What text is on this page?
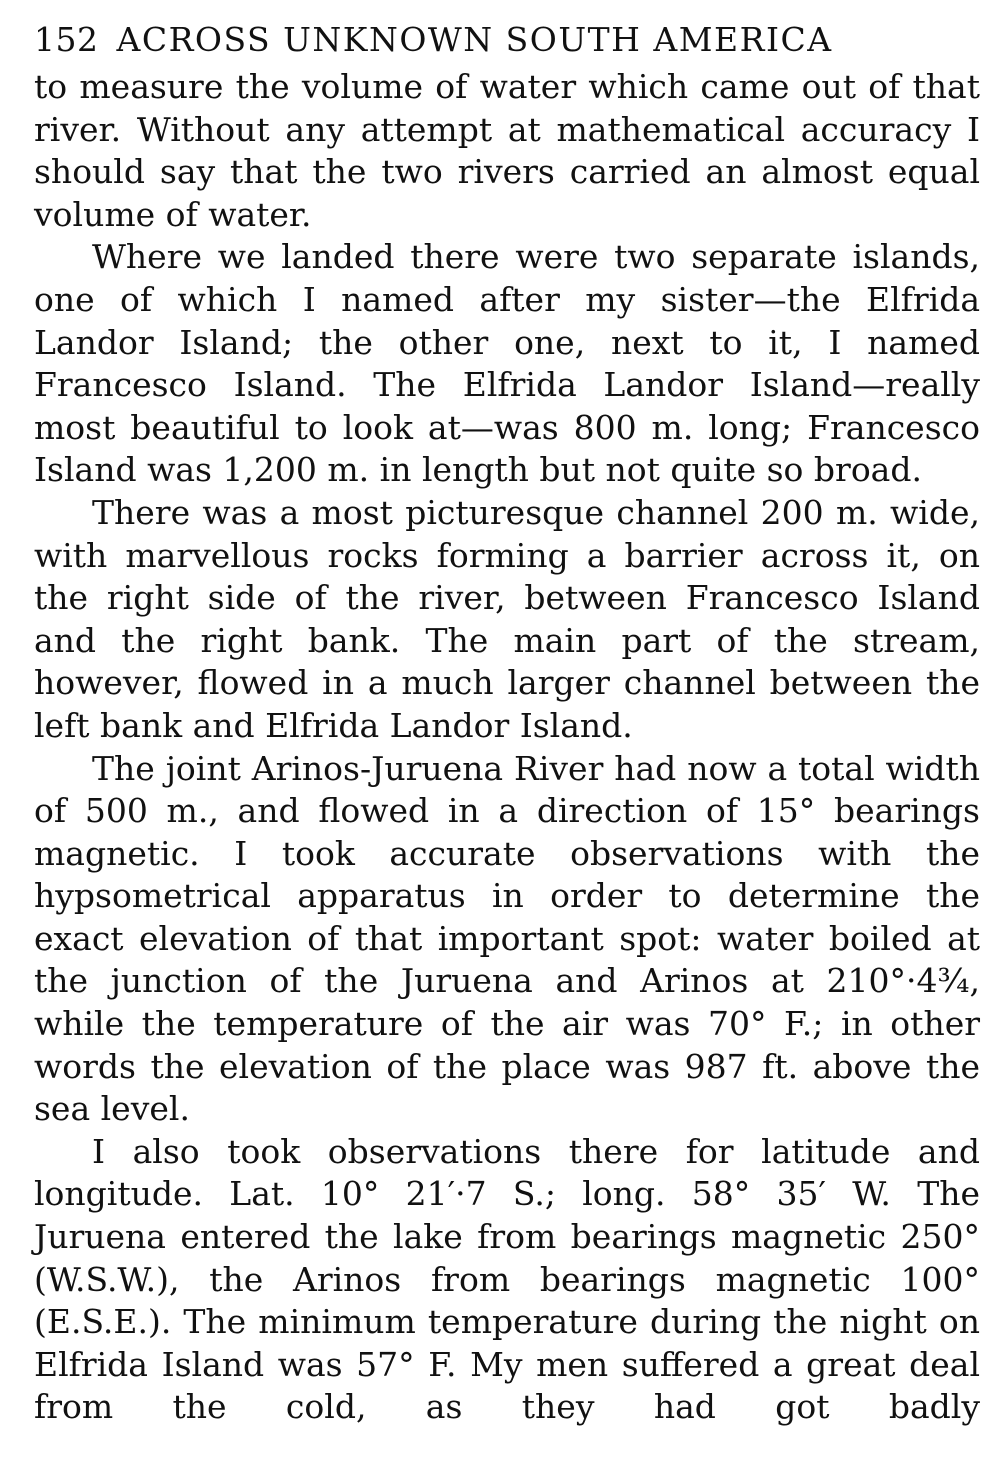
152 ACROSS UNKNOWN SOUTH AMERICA

to measure the volume of water which came out of that river. Without any attempt at mathematical accuracy I should say that the two rivers carried an almost equal volume of water.

Where we landed there were two separate islands, one of which I named after my sister—the Elfrida Landor Island; the other one, next to it, I named Francesco Island. The Elfrida Landor Island—really most beautiful to look at—was 800 m. long; Francesco Island was 1,200 m. in length but not quite so broad.

There was a most picturesque channel 200 m. wide, with marvellous rocks forming a barrier across it, on the right side of the river, between Francesco Island and the right bank. The main part of the stream, however, flowed in a much larger channel between the left bank and Elfrida Landor Island.

The joint Arinos-Juruena River had now a total width of 500 m., and flowed in a direction of 15° bearings magnetic. I took accurate observations with the hypsometrical apparatus in order to determine the exact elevation of that important spot: water boiled at the junction of the Juruena and Arinos at 210°·4¾, while the temperature of the air was 70° F.; in other words the elevation of the place was 987 ft. above the sea level.

I also took observations there for latitude and longitude. Lat. 10° 21′·7 S.; long. 58° 35′ W. The Juruena entered the lake from bearings magnetic 250° (W.S.W.), the Arinos from bearings magnetic 100° (E.S.E.). The minimum temperature during the night on Elfrida Island was 57° F. My men suffered a great deal from the cold, as they had got badly
